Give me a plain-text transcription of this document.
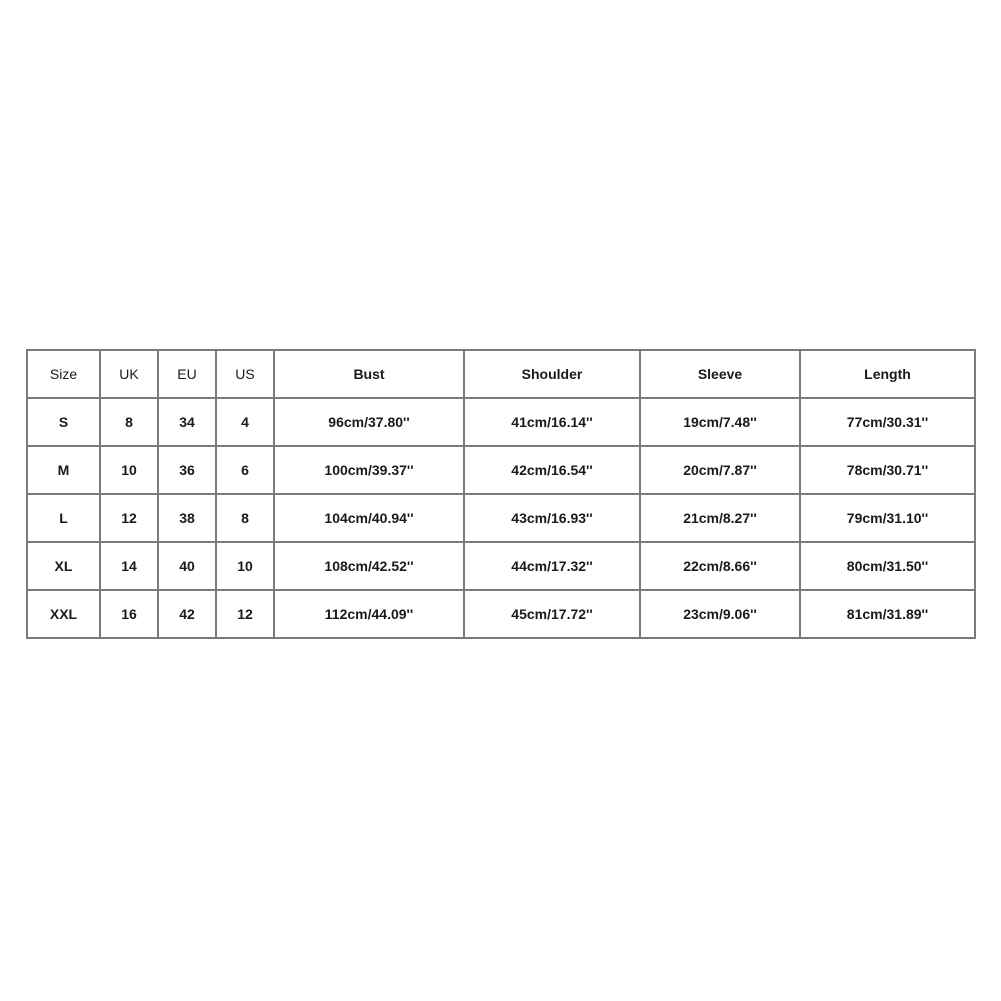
Size	UK	EU	US	Bust	Shoulder	Sleeve	Length
S	8	34	4	96cm/37.80''	41cm/16.14''	19cm/7.48''	77cm/30.31''
M	10	36	6	100cm/39.37''	42cm/16.54''	20cm/7.87''	78cm/30.71''
L	12	38	8	104cm/40.94''	43cm/16.93''	21cm/8.27''	79cm/31.10''
XL	14	40	10	108cm/42.52''	44cm/17.32''	22cm/8.66''	80cm/31.50''
XXL	16	42	12	112cm/44.09''	45cm/17.72''	23cm/9.06''	81cm/31.89''
